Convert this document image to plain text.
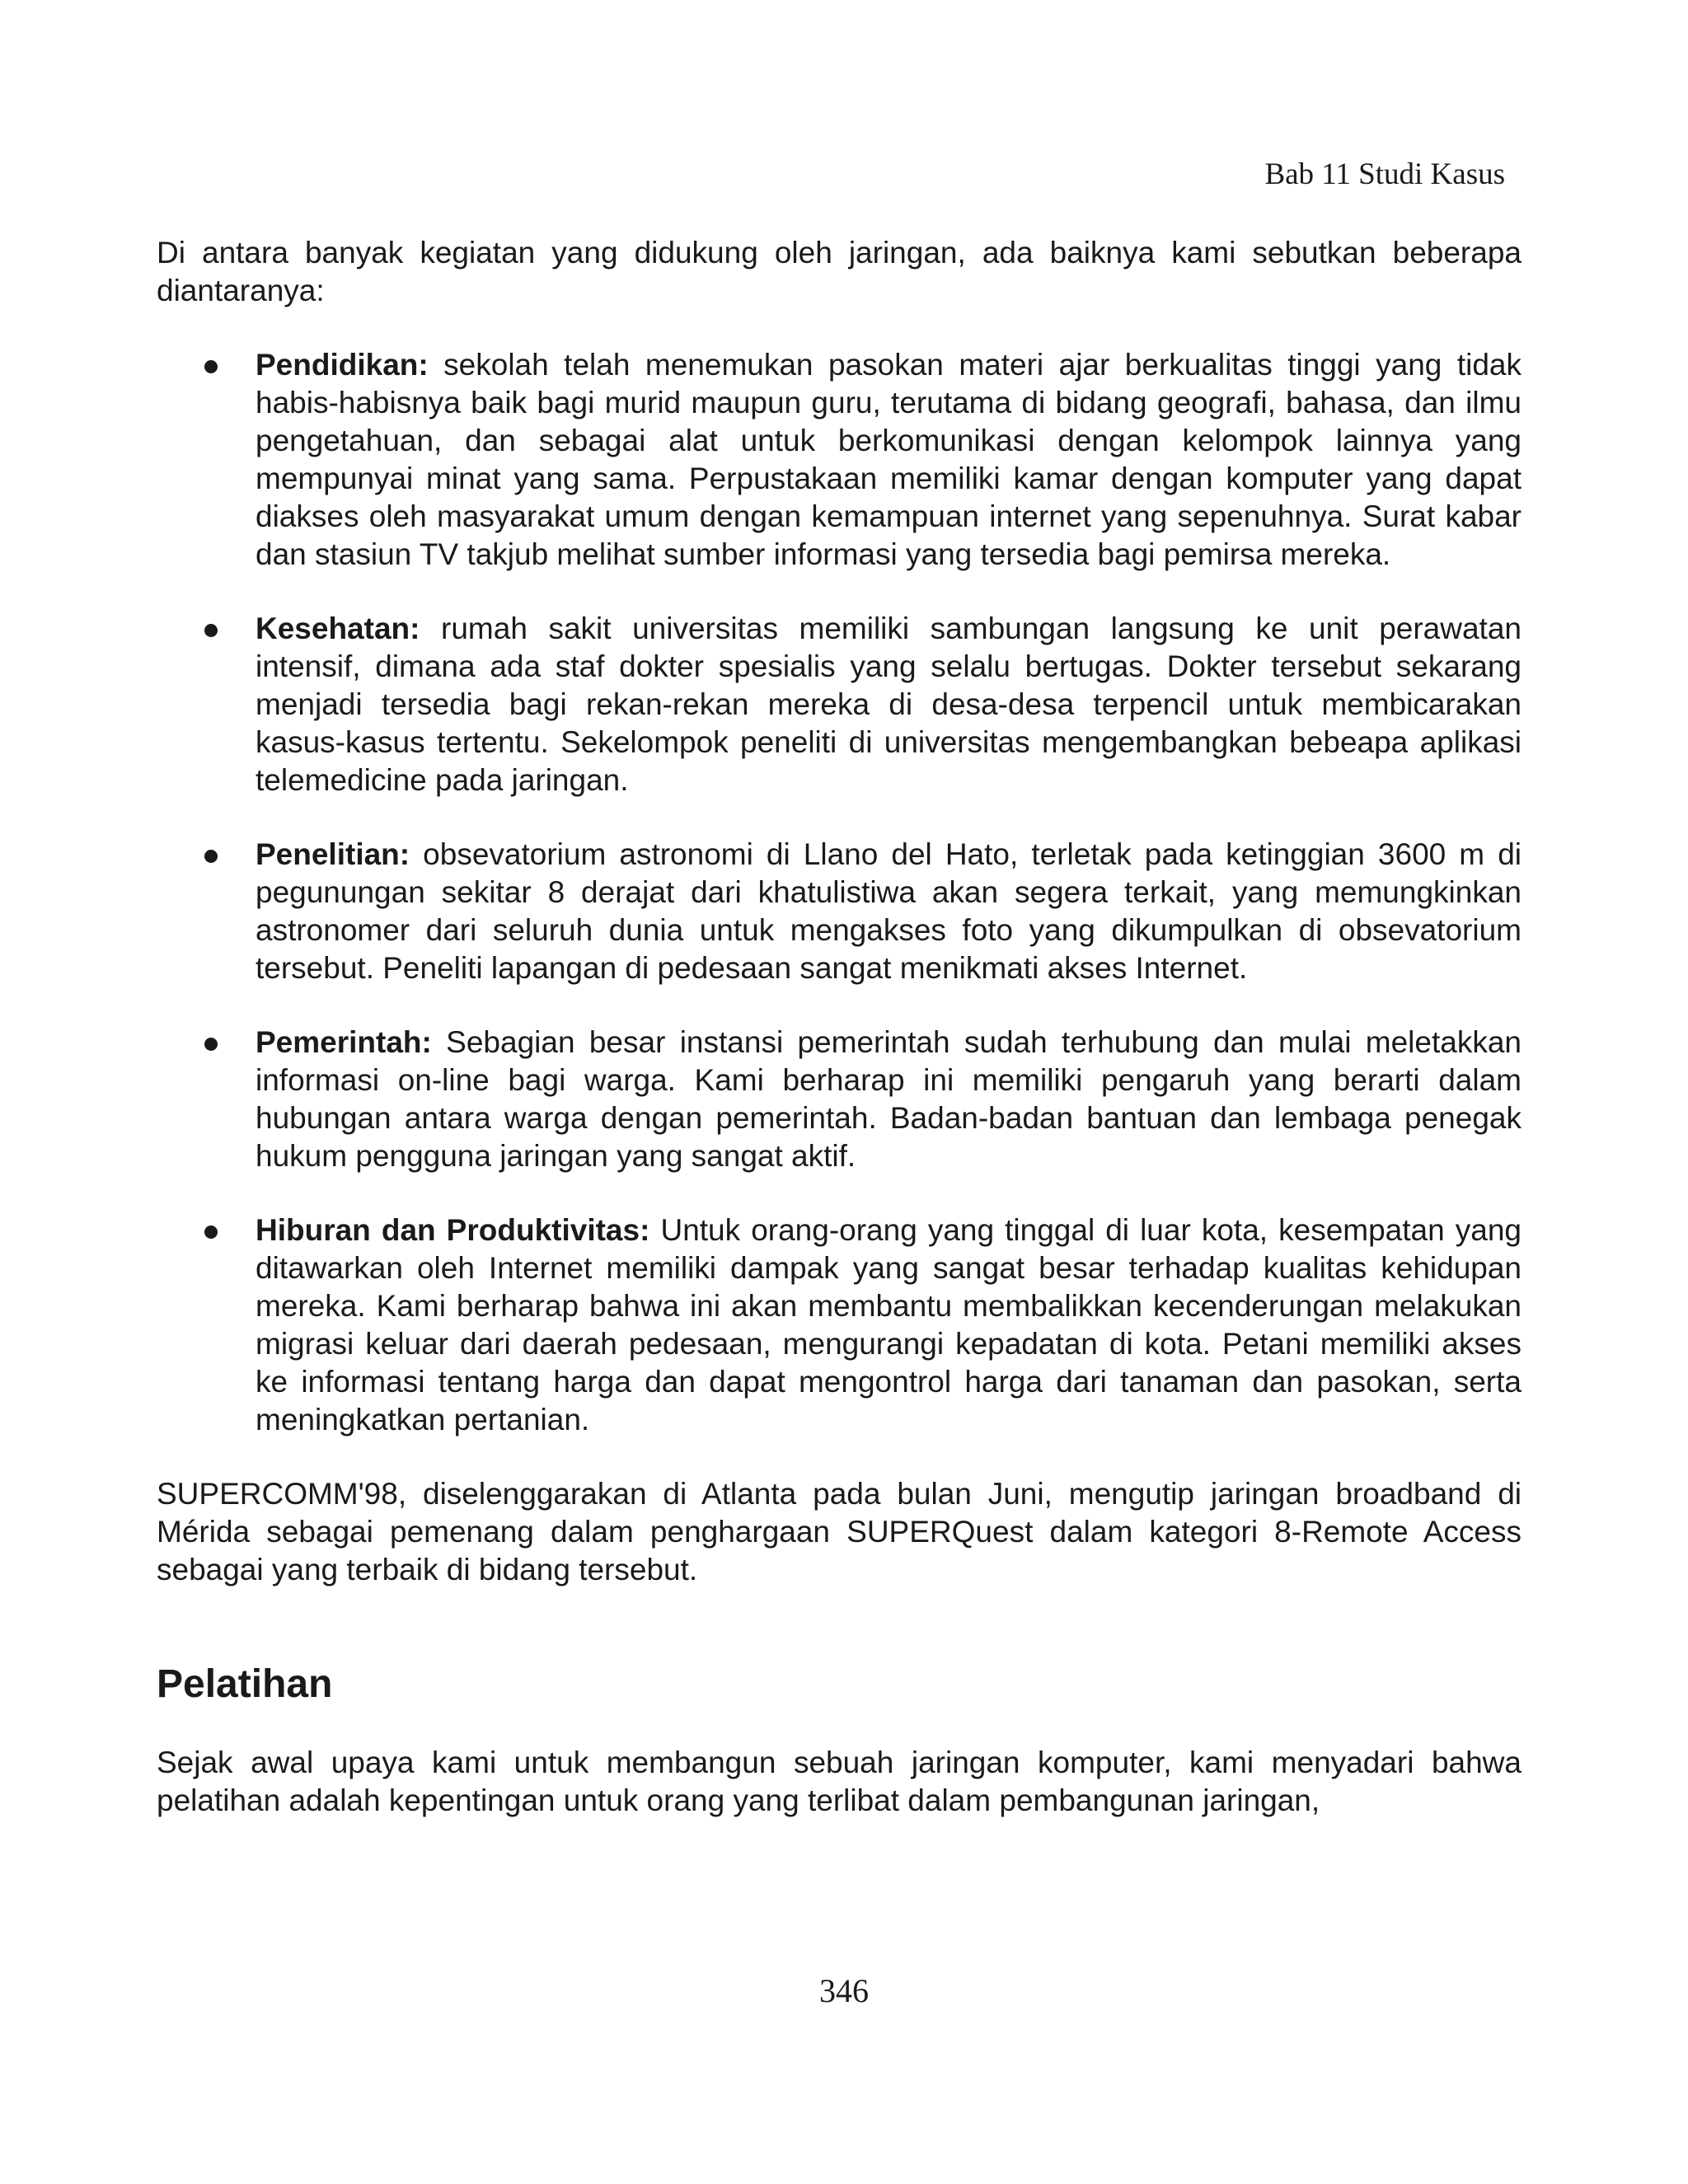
Bab 11 Studi Kasus

Di antara banyak kegiatan yang didukung oleh jaringan, ada baiknya kami sebutkan beberapa diantaranya:

Pendidikan: sekolah telah menemukan pasokan materi ajar berkualitas tinggi yang tidak habis-habisnya baik bagi murid maupun guru, terutama di bidang geografi, bahasa, dan ilmu pengetahuan, dan sebagai alat untuk berkomunikasi dengan kelompok lainnya yang mempunyai minat yang sama. Perpustakaan memiliki kamar dengan komputer yang dapat diakses oleh masyarakat umum dengan kemampuan internet yang sepenuhnya. Surat kabar dan stasiun TV takjub melihat sumber informasi yang tersedia bagi pemirsa mereka.
Kesehatan: rumah sakit universitas memiliki sambungan langsung ke unit perawatan intensif, dimana ada staf dokter spesialis yang selalu bertugas. Dokter tersebut sekarang menjadi tersedia bagi rekan-rekan mereka di desa-desa terpencil untuk membicarakan kasus-kasus tertentu. Sekelompok peneliti di universitas mengembangkan bebeapa aplikasi telemedicine pada jaringan.
Penelitian: obsevatorium astronomi di Llano del Hato, terletak pada ketinggian 3600 m di pegunungan sekitar 8 derajat dari khatulistiwa akan segera terkait, yang memungkinkan astronomer dari seluruh dunia untuk mengakses foto yang dikumpulkan di obsevatorium tersebut. Peneliti lapangan di pedesaan sangat menikmati akses Internet.
Pemerintah: Sebagian besar instansi pemerintah sudah terhubung dan mulai meletakkan informasi on-line bagi warga. Kami berharap ini memiliki pengaruh yang berarti dalam hubungan antara warga dengan pemerintah. Badan-badan bantuan dan lembaga penegak hukum pengguna jaringan yang sangat aktif.
Hiburan dan Produktivitas: Untuk orang-orang yang tinggal di luar kota, kesempatan yang ditawarkan oleh Internet memiliki dampak yang sangat besar terhadap kualitas kehidupan mereka. Kami berharap bahwa ini akan membantu membalikkan kecenderungan melakukan migrasi keluar dari daerah pedesaan, mengurangi kepadatan di kota. Petani memiliki akses ke informasi tentang harga dan dapat mengontrol harga dari tanaman dan pasokan, serta meningkatkan pertanian.

SUPERCOMM'98, diselenggarakan di Atlanta pada bulan Juni, mengutip jaringan broadband di Mérida sebagai pemenang dalam penghargaan SUPERQuest dalam kategori 8-Remote Access sebagai yang terbaik di bidang tersebut.

Pelatihan

Sejak awal upaya kami untuk membangun sebuah jaringan komputer, kami menyadari bahwa pelatihan adalah kepentingan untuk orang yang terlibat dalam pembangunan jaringan,

346
